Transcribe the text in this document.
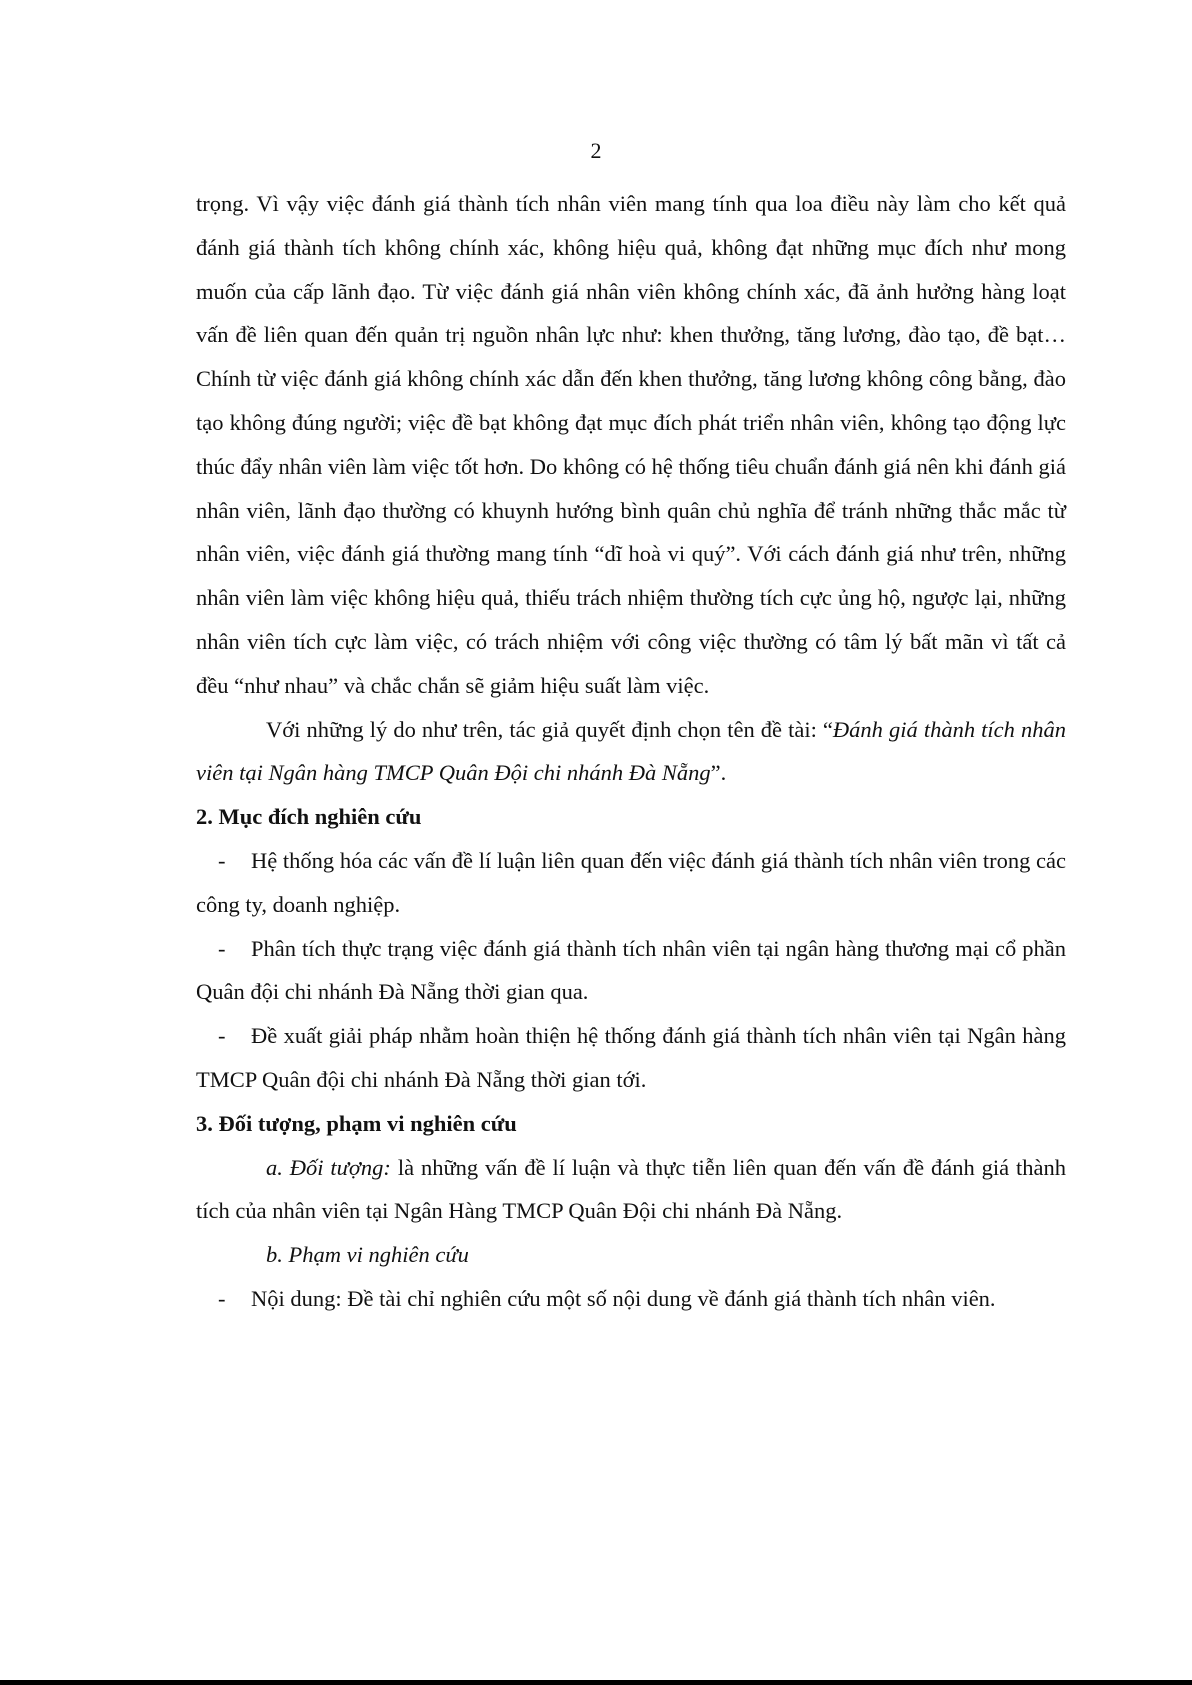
2

trọng. Vì vậy việc đánh giá thành tích nhân viên mang tính qua loa điều này làm cho kết quả đánh giá thành tích không chính xác, không hiệu quả, không đạt những mục đích như mong muốn của cấp lãnh đạo. Từ việc đánh giá nhân viên không chính xác, đã ảnh hưởng hàng loạt vấn đề liên quan đến quản trị nguồn nhân lực như: khen thưởng, tăng lương, đào tạo, đề bạt…Chính từ việc đánh giá không chính xác dẫn đến khen thưởng, tăng lương không công bằng, đào tạo không đúng người; việc đề bạt không đạt mục đích phát triển nhân viên, không tạo động lực thúc đẩy nhân viên làm việc tốt hơn. Do không có hệ thống tiêu chuẩn đánh giá nên khi đánh giá nhân viên, lãnh đạo thường có khuynh hướng bình quân chủ nghĩa để tránh những thắc mắc từ nhân viên, việc đánh giá thường mang tính “dĩ hoà vi quý”. Với cách đánh giá như trên, những nhân viên làm việc không hiệu quả, thiếu trách nhiệm thường tích cực ủng hộ, ngược lại, những nhân viên tích cực làm việc, có trách nhiệm với công việc thường có tâm lý bất mãn vì tất cả đều “như nhau” và chắc chắn sẽ giảm hiệu suất làm việc.

Với những lý do như trên, tác giả quyết định chọn tên đề tài: “Đánh giá thành tích nhân viên tại Ngân hàng TMCP Quân Đội chi nhánh Đà Nẵng”.

2. Mục đích nghiên cứu

- Hệ thống hóa các vấn đề lí luận liên quan đến việc đánh giá thành tích nhân viên trong các công ty, doanh nghiệp.

- Phân tích thực trạng việc đánh giá thành tích nhân viên tại ngân hàng thương mại cổ phần Quân đội chi nhánh Đà Nẵng thời gian qua.

- Đề xuất giải pháp nhằm hoàn thiện hệ thống đánh giá thành tích nhân viên tại Ngân hàng TMCP Quân đội chi nhánh Đà Nẵng thời gian tới.

3. Đối tượng, phạm vi nghiên cứu

a. Đối tượng: là những vấn đề lí luận và thực tiễn liên quan đến vấn đề đánh giá thành tích của nhân viên tại Ngân Hàng TMCP Quân Đội chi nhánh Đà Nẵng.

b. Phạm vi nghiên cứu

- Nội dung: Đề tài chỉ nghiên cứu một số nội dung về đánh giá thành tích nhân viên.
